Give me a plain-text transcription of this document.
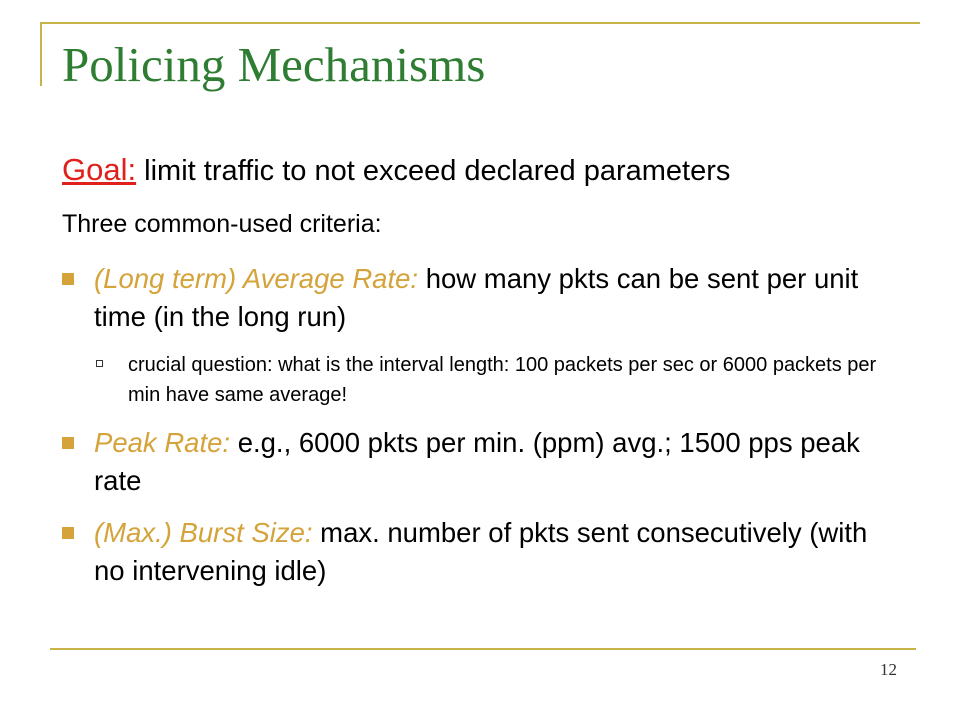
Policing Mechanisms
Goal: limit traffic to not exceed declared parameters
Three common-used criteria:
(Long term) Average Rate: how many pkts can be sent per unit time (in the long run)
crucial question: what is the interval length: 100 packets per sec or 6000 packets per min have same average!
Peak Rate: e.g., 6000 pkts per min. (ppm) avg.; 1500 pps peak rate
(Max.) Burst Size: max. number of pkts sent consecutively (with no intervening idle)
12
